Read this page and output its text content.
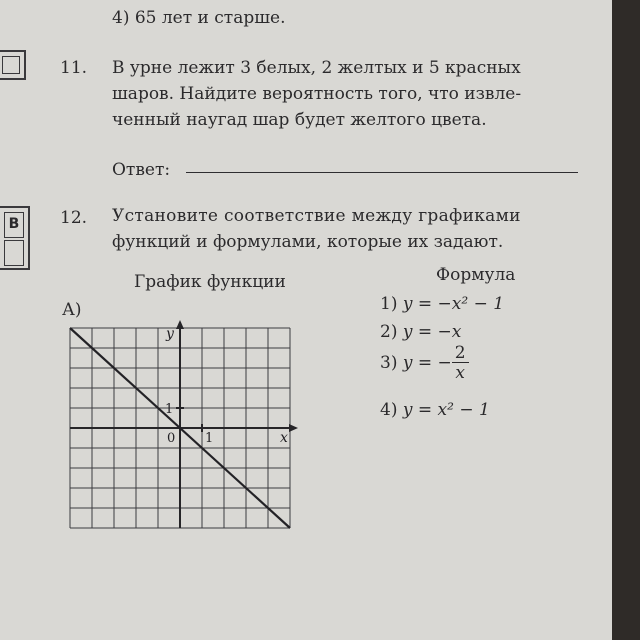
4) 65 лет и старше.
11. В урне лежит 3 белых, 2 желтых и 5 красных
шаров. Найдите вероятность того, что извле-
ченный наугад шар будет желтого цвета.
Ответ:
В 12. Установите соответствие между графиками
функций и формулами, которые их задают.
График функции	Формула
А)	1) y = −x² − 1
2) y = −x
3) y = − $\frac{2}{x}$
4) y = x² − 1
1
1
0	x
y
